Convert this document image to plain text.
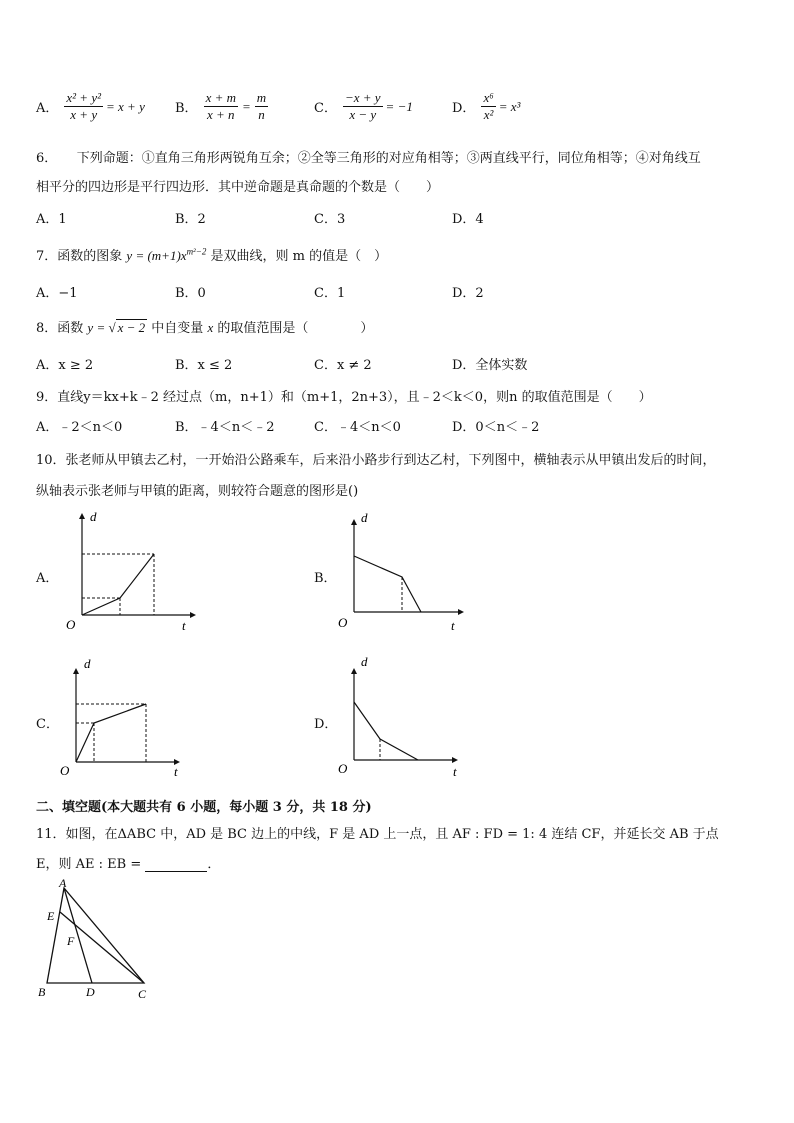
A． $\frac{\text{x² + y²}}{x + y} = x + y$ B． $\frac{x + m}{x + n} = \frac{m}{n}$	C． $\frac{-x + y}{x - y} = -1$	D． $\frac{\text{x⁶}}{\text{x²}} = x^3$
6．　　下列命题：①直角三角形两锐角互余；②全等三角形的对应角相等；③两直线平行，同位角相等；④对角线互
相平分的四边形是平行四边形．其中逆命题是真命题的个数是（　　）
A．1	B．2	C．3	D．4
7．函数的图象 $y = (m+1)x^{m^2-2}$ 是双曲线，则 m 的值是（　）
A．−1	B．0	C．1	D．2
8．函数 y = √ x − 2 中自变量 x 的取值范围是（　　　　）
A．x ≥ 2	B．x ≤ 2	C．x ≠ 2	D．全体实数
9．直线y＝kx+k﹣2 经过点（m，n+1）和（m+1，2n+3），且﹣2＜k＜0，则n 的取值范围是（　　）
A．﹣2＜n＜0	B．﹣4＜n＜﹣2	C．﹣4＜n＜0	D．0＜n＜﹣2
10．张老师从甲镇去乙村，一开始沿公路乘车，后来沿小路步行到达乙村，下列图中，横轴表示从甲镇出发后的时间，
纵轴表示张老师与甲镇的距离，则较符合题意的图形是()
A．
d
O	t
B．
d
O	t
C．
d
O	t
D．
d
O	t
二、填空题(本大题共有 6 小题，每小题 3 分，共 18 分)
11．如图，在ΔABC 中，AD 是 BC 边上的中线，F 是 AD 上一点，且 AF : FD = 1: 4 连结 CF，并延长交 AB 于点
E，则 AE : EB =	．
A
E
F
B	D	C
